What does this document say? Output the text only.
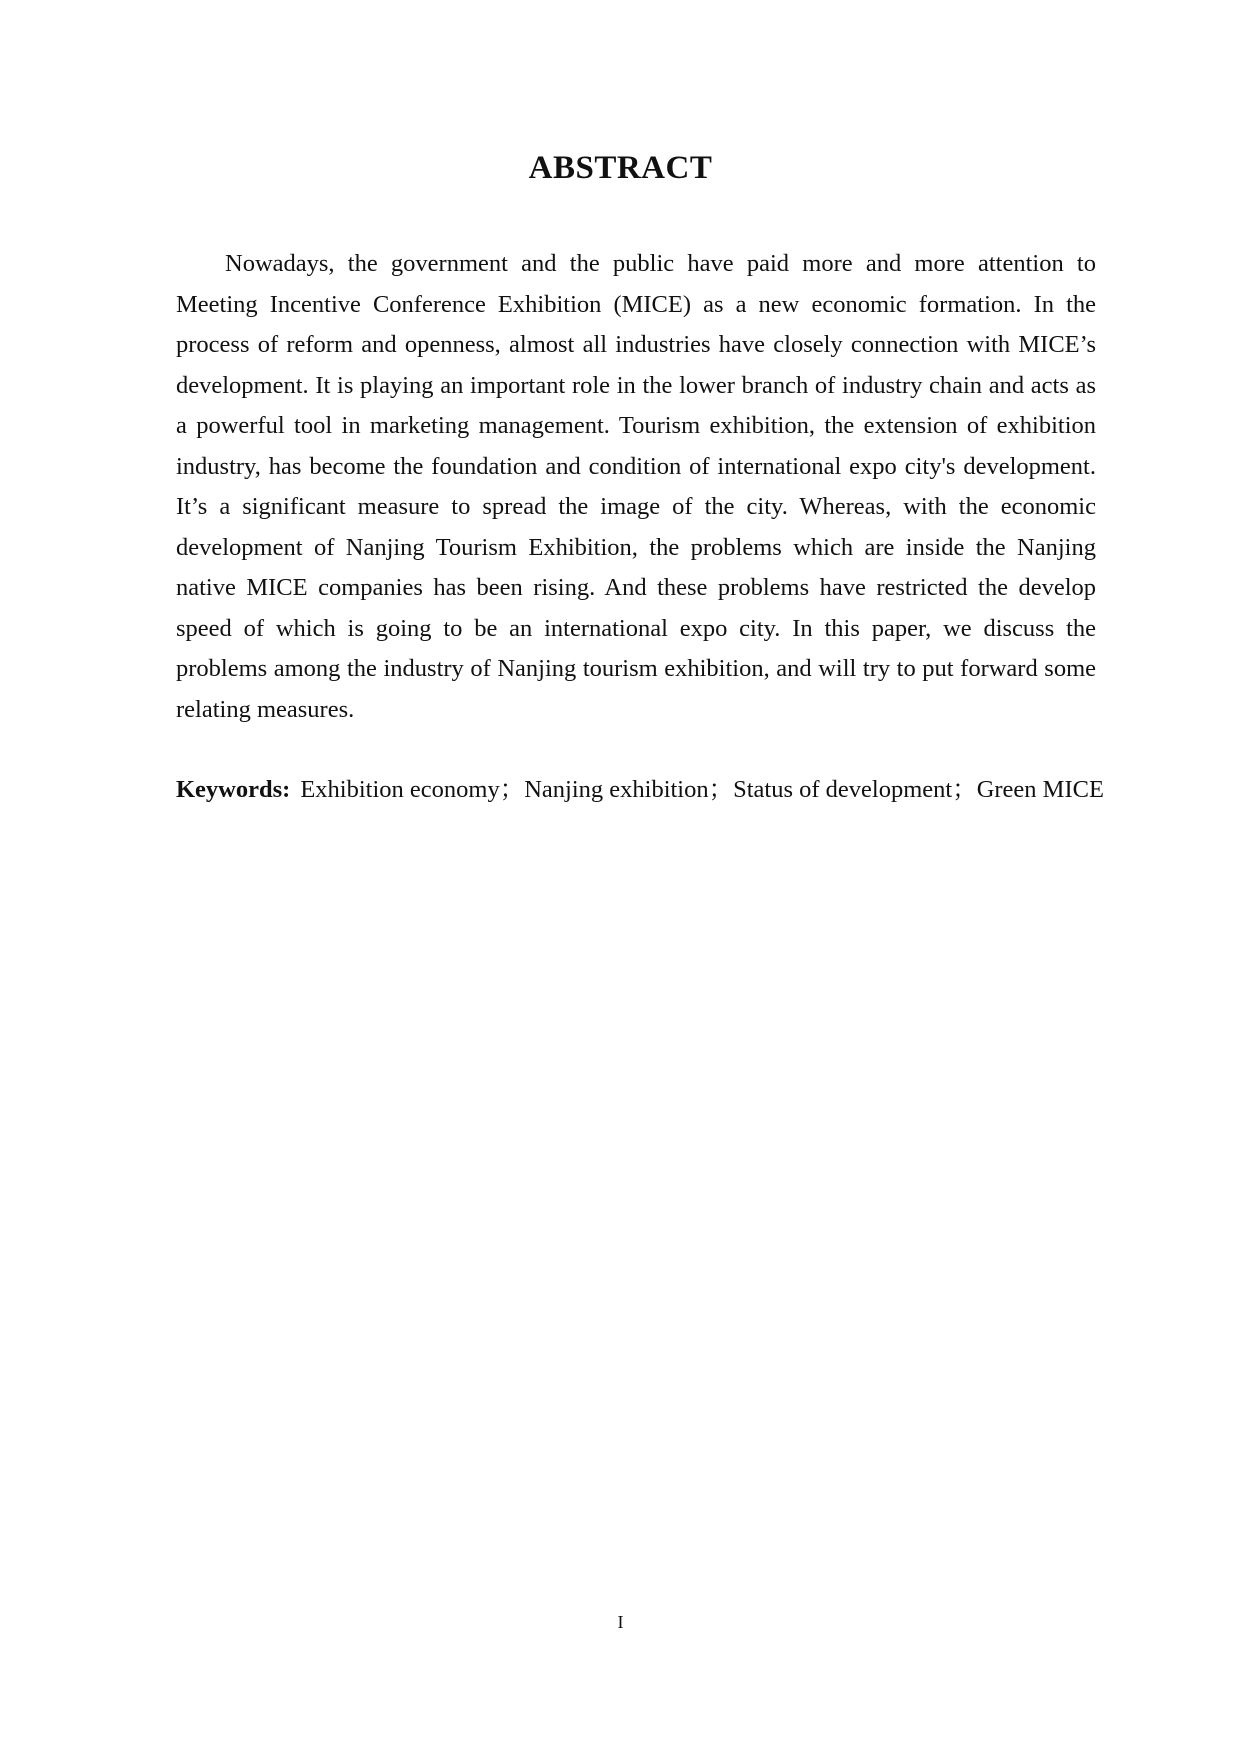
ABSTRACT

Nowadays, the government and the public have paid more and more attention to Meeting Incentive Conference Exhibition (MICE) as a new economic formation. In the process of reform and openness, almost all industries have closely connection with MICE’s development. It is playing an important role in the lower branch of industry chain and acts as a powerful tool in marketing management. Tourism exhibition, the extension of exhibition industry, has become the foundation and condition of international expo city's development. It’s a significant measure to spread the image of the city. Whereas, with the economic development of Nanjing Tourism Exhibition, the problems which are inside the Nanjing native MICE companies has been rising. And these problems have restricted the develop speed of which is going to be an international expo city. In this paper, we discuss the problems among the industry of Nanjing tourism exhibition, and will try to put forward some relating measures.

Keywords: Exhibition economy；Nanjing exhibition；Status of development；Green MICE

I
